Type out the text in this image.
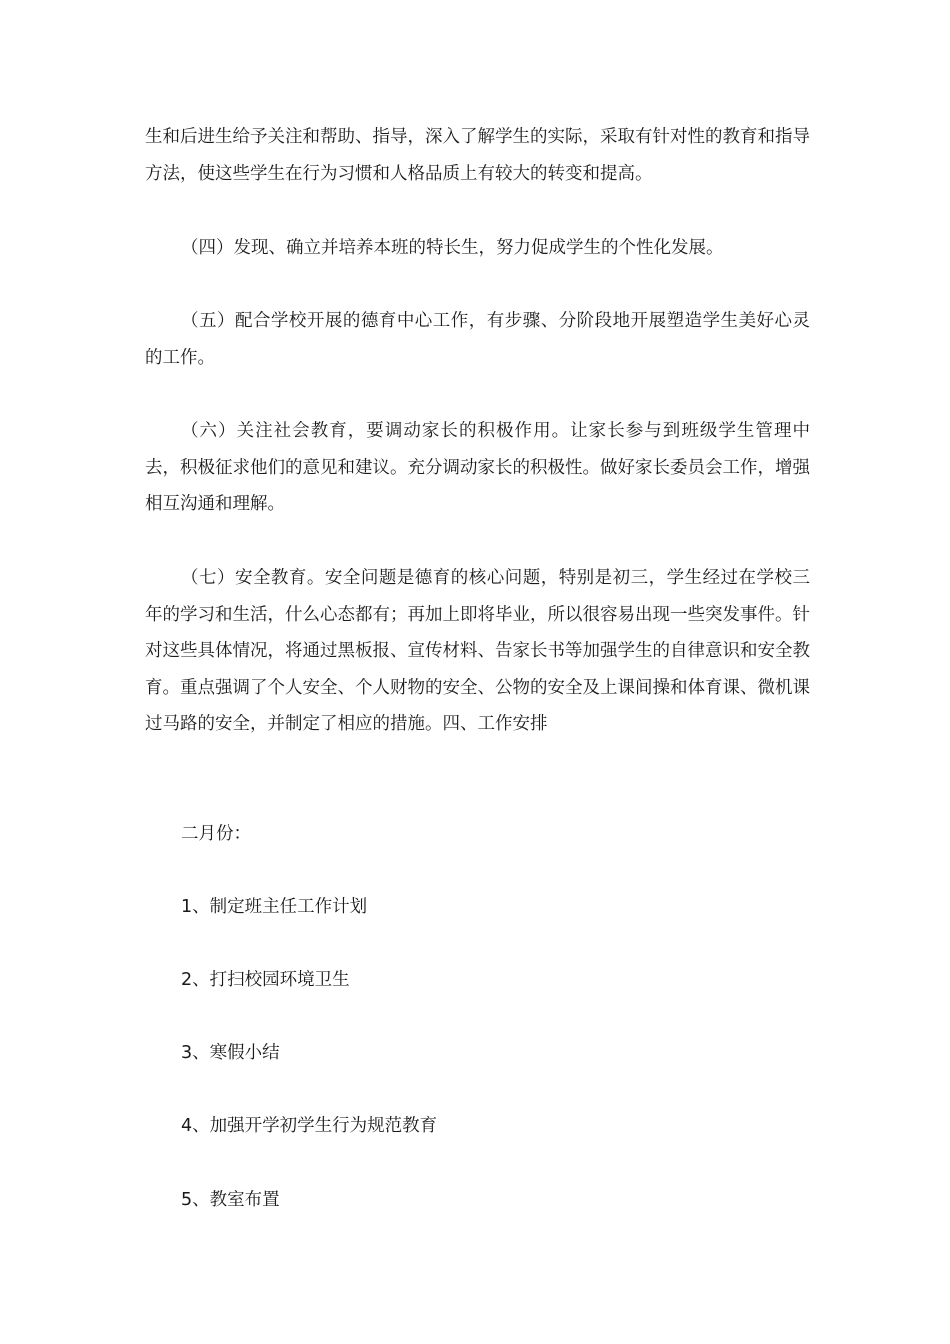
生和后进生给予关注和帮助、指导，深入了解学生的实际，采取有针对性的教育和指导方法，使这些学生在行为习惯和人格品质上有较大的转变和提高。

（四）发现、确立并培养本班的特长生，努力促成学生的个性化发展。

（五）配合学校开展的德育中心工作，有步骤、分阶段地开展塑造学生美好心灵的工作。

（六）关注社会教育，要调动家长的积极作用。让家长参与到班级学生管理中去，积极征求他们的意见和建议。充分调动家长的积极性。做好家长委员会工作，增强相互沟通和理解。

（七）安全教育。安全问题是德育的核心问题，特别是初三，学生经过在学校三年的学习和生活，什么心态都有；再加上即将毕业，所以很容易出现一些突发事件。针对这些具体情况，将通过黑板报、宣传材料、告家长书等加强学生的自律意识和安全教育。重点强调了个人安全、个人财物的安全、公物的安全及上课间操和体育课、微机课过马路的安全，并制定了相应的措施。四、工作安排

二月份：

1、制定班主任工作计划

2、打扫校园环境卫生

3、寒假小结

4、加强开学初学生行为规范教育

5、教室布置
